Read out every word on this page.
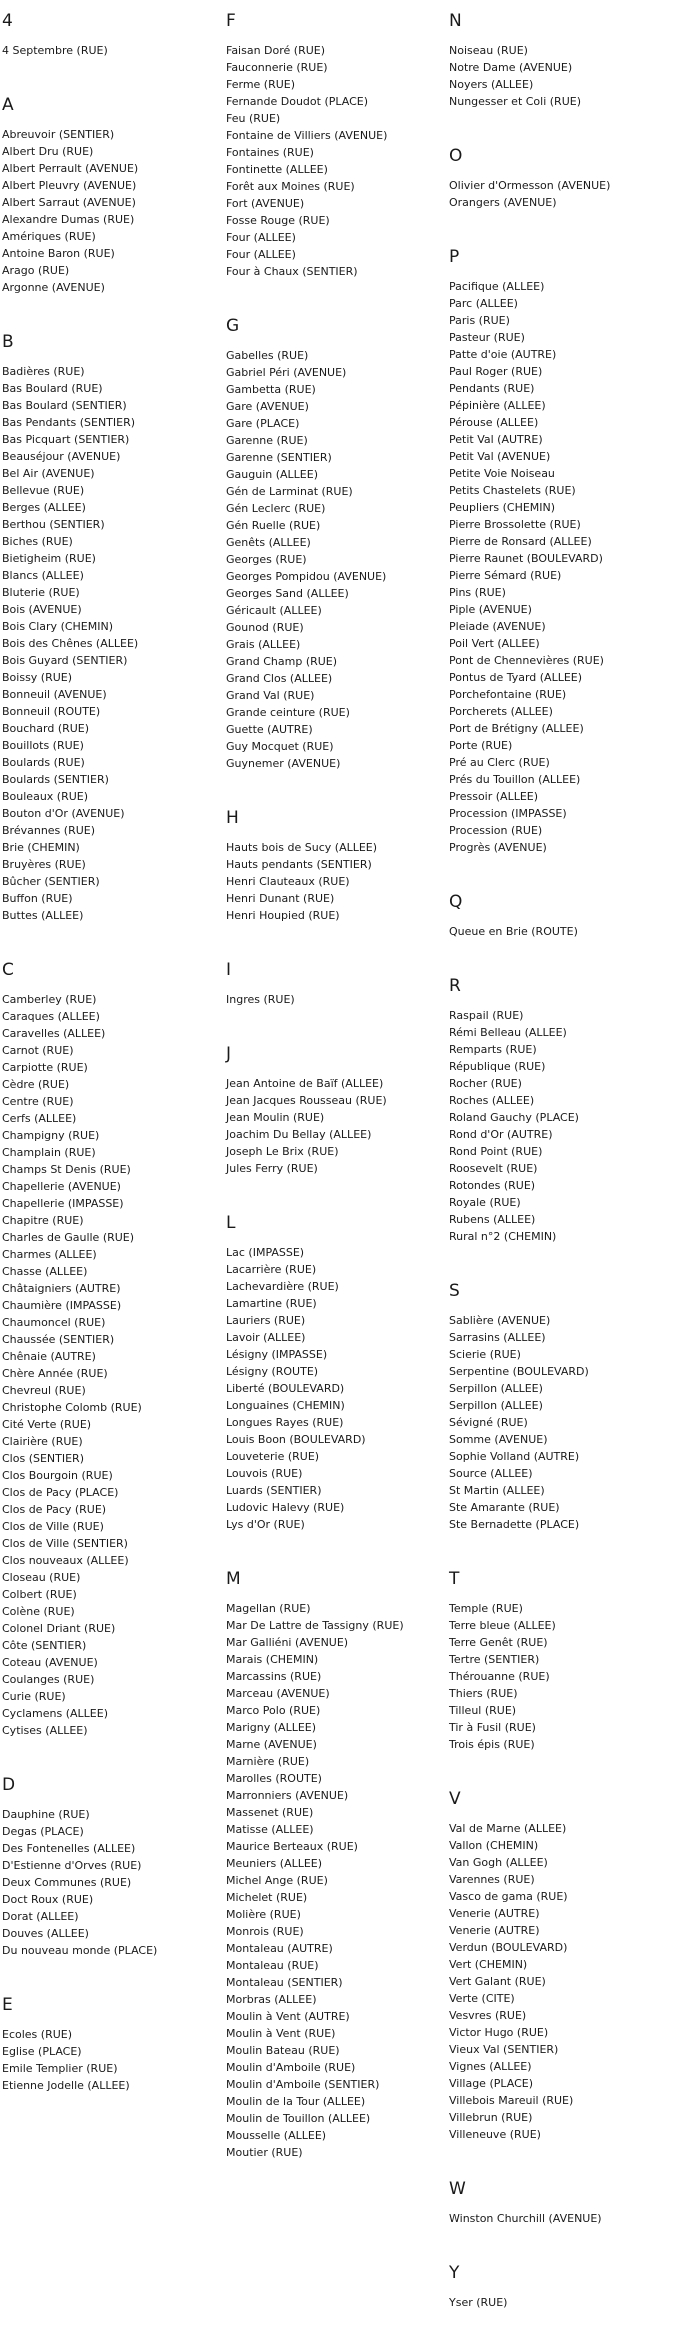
4
4 Septembre (RUE)
A
Abreuvoir (SENTIER)
Albert Dru (RUE)
Albert Perrault (AVENUE)
Albert Pleuvry (AVENUE)
Albert Sarraut (AVENUE)
Alexandre Dumas (RUE)
Amériques (RUE)
Antoine Baron (RUE)
Arago (RUE)
Argonne (AVENUE)
B
Badières (RUE)
Bas Boulard (RUE)
Bas Boulard (SENTIER)
Bas Pendants (SENTIER)
Bas Picquart (SENTIER)
Beauséjour (AVENUE)
Bel Air (AVENUE)
Bellevue (RUE)
Berges (ALLEE)
Berthou (SENTIER)
Biches (RUE)
Bietigheim (RUE)
Blancs (ALLEE)
Bluterie (RUE)
Bois (AVENUE)
Bois Clary (CHEMIN)
Bois des Chênes (ALLEE)
Bois Guyard (SENTIER)
Boissy (RUE)
Bonneuil (AVENUE)
Bonneuil (ROUTE)
Bouchard (RUE)
Bouillots (RUE)
Boulards (RUE)
Boulards (SENTIER)
Bouleaux (RUE)
Bouton d'Or (AVENUE)
Brévannes (RUE)
Brie (CHEMIN)
Bruyères (RUE)
Bûcher (SENTIER)
Buffon (RUE)
Buttes (ALLEE)
C
Camberley (RUE)
Caraques (ALLEE)
Caravelles (ALLEE)
Carnot (RUE)
Carpiotte (RUE)
Cèdre (RUE)
Centre (RUE)
Cerfs (ALLEE)
Champigny (RUE)
Champlain (RUE)
Champs St Denis (RUE)
Chapellerie (AVENUE)
Chapellerie (IMPASSE)
Chapitre (RUE)
Charles de Gaulle (RUE)
Charmes (ALLEE)
Chasse (ALLEE)
Châtaigniers (AUTRE)
Chaumière (IMPASSE)
Chaumoncel (RUE)
Chaussée (SENTIER)
Chênaie (AUTRE)
Chère Année (RUE)
Chevreul (RUE)
Christophe Colomb (RUE)
Cité Verte (RUE)
Clairière (RUE)
Clos (SENTIER)
Clos Bourgoin (RUE)
Clos de Pacy (PLACE)
Clos de Pacy (RUE)
Clos de Ville (RUE)
Clos de Ville (SENTIER)
Clos nouveaux (ALLEE)
Closeau (RUE)
Colbert (RUE)
Colène (RUE)
Colonel Driant (RUE)
Côte (SENTIER)
Coteau (AVENUE)
Coulanges (RUE)
Curie (RUE)
Cyclamens (ALLEE)
Cytises (ALLEE)
D
Dauphine (RUE)
Degas (PLACE)
Des Fontenelles (ALLEE)
D'Estienne d'Orves (RUE)
Deux Communes (RUE)
Doct Roux (RUE)
Dorat (ALLEE)
Douves (ALLEE)
Du nouveau monde (PLACE)
E
Ecoles (RUE)
Eglise (PLACE)
Emile Templier (RUE)
Etienne Jodelle (ALLEE)
F
Faisan Doré (RUE)
Fauconnerie (RUE)
Ferme (RUE)
Fernande Doudot (PLACE)
Feu (RUE)
Fontaine de Villiers (AVENUE)
Fontaines (RUE)
Fontinette (ALLEE)
Forêt aux Moines (RUE)
Fort (AVENUE)
Fosse Rouge (RUE)
Four (ALLEE)
Four (ALLEE)
Four à Chaux (SENTIER)
G
Gabelles (RUE)
Gabriel Péri (AVENUE)
Gambetta (RUE)
Gare (AVENUE)
Gare (PLACE)
Garenne (RUE)
Garenne (SENTIER)
Gauguin (ALLEE)
Gén de Larminat (RUE)
Gén Leclerc (RUE)
Gén Ruelle (RUE)
Genêts (ALLEE)
Georges (RUE)
Georges Pompidou (AVENUE)
Georges Sand (ALLEE)
Géricault (ALLEE)
Gounod (RUE)
Grais (ALLEE)
Grand Champ (RUE)
Grand Clos (ALLEE)
Grand Val (RUE)
Grande ceinture (RUE)
Guette (AUTRE)
Guy Mocquet (RUE)
Guynemer (AVENUE)
H
Hauts bois de Sucy (ALLEE)
Hauts pendants (SENTIER)
Henri Clauteaux (RUE)
Henri Dunant (RUE)
Henri Houpied (RUE)
I
Ingres (RUE)
J
Jean Antoine de Baïf (ALLEE)
Jean Jacques Rousseau (RUE)
Jean Moulin (RUE)
Joachim Du Bellay (ALLEE)
Joseph Le Brix (RUE)
Jules Ferry (RUE)
L
Lac (IMPASSE)
Lacarrière (RUE)
Lachevardière (RUE)
Lamartine (RUE)
Lauriers (RUE)
Lavoir (ALLEE)
Lésigny (IMPASSE)
Lésigny (ROUTE)
Liberté (BOULEVARD)
Longuaines (CHEMIN)
Longues Rayes (RUE)
Louis Boon (BOULEVARD)
Louveterie (RUE)
Louvois (RUE)
Luards (SENTIER)
Ludovic Halevy (RUE)
Lys d'Or (RUE)
M
Magellan (RUE)
Mar De Lattre de Tassigny (RUE)
Mar Galliéni (AVENUE)
Marais (CHEMIN)
Marcassins (RUE)
Marceau (AVENUE)
Marco Polo (RUE)
Marigny (ALLEE)
Marne (AVENUE)
Marnière (RUE)
Marolles (ROUTE)
Marronniers (AVENUE)
Massenet (RUE)
Matisse (ALLEE)
Maurice Berteaux (RUE)
Meuniers (ALLEE)
Michel Ange (RUE)
Michelet (RUE)
Molière (RUE)
Monrois (RUE)
Montaleau (AUTRE)
Montaleau (RUE)
Montaleau (SENTIER)
Morbras (ALLEE)
Moulin à Vent (AUTRE)
Moulin à Vent (RUE)
Moulin Bateau (RUE)
Moulin d'Amboile (RUE)
Moulin d'Amboile (SENTIER)
Moulin de la Tour (ALLEE)
Moulin de Touillon (ALLEE)
Mousselle (ALLEE)
Moutier (RUE)
N
Noiseau (RUE)
Notre Dame (AVENUE)
Noyers (ALLEE)
Nungesser et Coli (RUE)
O
Olivier d'Ormesson (AVENUE)
Orangers (AVENUE)
P
Pacifique (ALLEE)
Parc (ALLEE)
Paris (RUE)
Pasteur (RUE)
Patte d'oie (AUTRE)
Paul Roger (RUE)
Pendants (RUE)
Pépinière (ALLEE)
Pérouse (ALLEE)
Petit Val (AUTRE)
Petit Val (AVENUE)
Petite Voie Noiseau
Petits Chastelets (RUE)
Peupliers (CHEMIN)
Pierre Brossolette (RUE)
Pierre de Ronsard (ALLEE)
Pierre Raunet (BOULEVARD)
Pierre Sémard (RUE)
Pins (RUE)
Piple (AVENUE)
Pleiade (AVENUE)
Poil Vert (ALLEE)
Pont de Chennevières (RUE)
Pontus de Tyard (ALLEE)
Porchefontaine (RUE)
Porcherets (ALLEE)
Port de Brétigny (ALLEE)
Porte (RUE)
Pré au Clerc (RUE)
Prés du Touillon (ALLEE)
Pressoir (ALLEE)
Procession (IMPASSE)
Procession (RUE)
Progrès (AVENUE)
Q
Queue en Brie (ROUTE)
R
Raspail (RUE)
Rémi Belleau (ALLEE)
Remparts (RUE)
République (RUE)
Rocher (RUE)
Roches (ALLEE)
Roland Gauchy (PLACE)
Rond d'Or (AUTRE)
Rond Point (RUE)
Roosevelt (RUE)
Rotondes (RUE)
Royale (RUE)
Rubens (ALLEE)
Rural n°2 (CHEMIN)
S
Sablière (AVENUE)
Sarrasins (ALLEE)
Scierie (RUE)
Serpentine (BOULEVARD)
Serpillon (ALLEE)
Serpillon (ALLEE)
Sévigné (RUE)
Somme (AVENUE)
Sophie Volland (AUTRE)
Source (ALLEE)
St Martin (ALLEE)
Ste Amarante (RUE)
Ste Bernadette (PLACE)
T
Temple (RUE)
Terre bleue (ALLEE)
Terre Genêt (RUE)
Tertre (SENTIER)
Thérouanne (RUE)
Thiers (RUE)
Tilleul (RUE)
Tir à Fusil (RUE)
Trois épis (RUE)
V
Val de Marne (ALLEE)
Vallon (CHEMIN)
Van Gogh (ALLEE)
Varennes (RUE)
Vasco de gama (RUE)
Venerie (AUTRE)
Venerie (AUTRE)
Verdun (BOULEVARD)
Vert (CHEMIN)
Vert Galant (RUE)
Verte (CITE)
Vesvres (RUE)
Victor Hugo (RUE)
Vieux Val (SENTIER)
Vignes (ALLEE)
Village (PLACE)
Villebois Mareuil (RUE)
Villebrun (RUE)
Villeneuve (RUE)
W
Winston Churchill (AVENUE)
Y
Yser (RUE)
